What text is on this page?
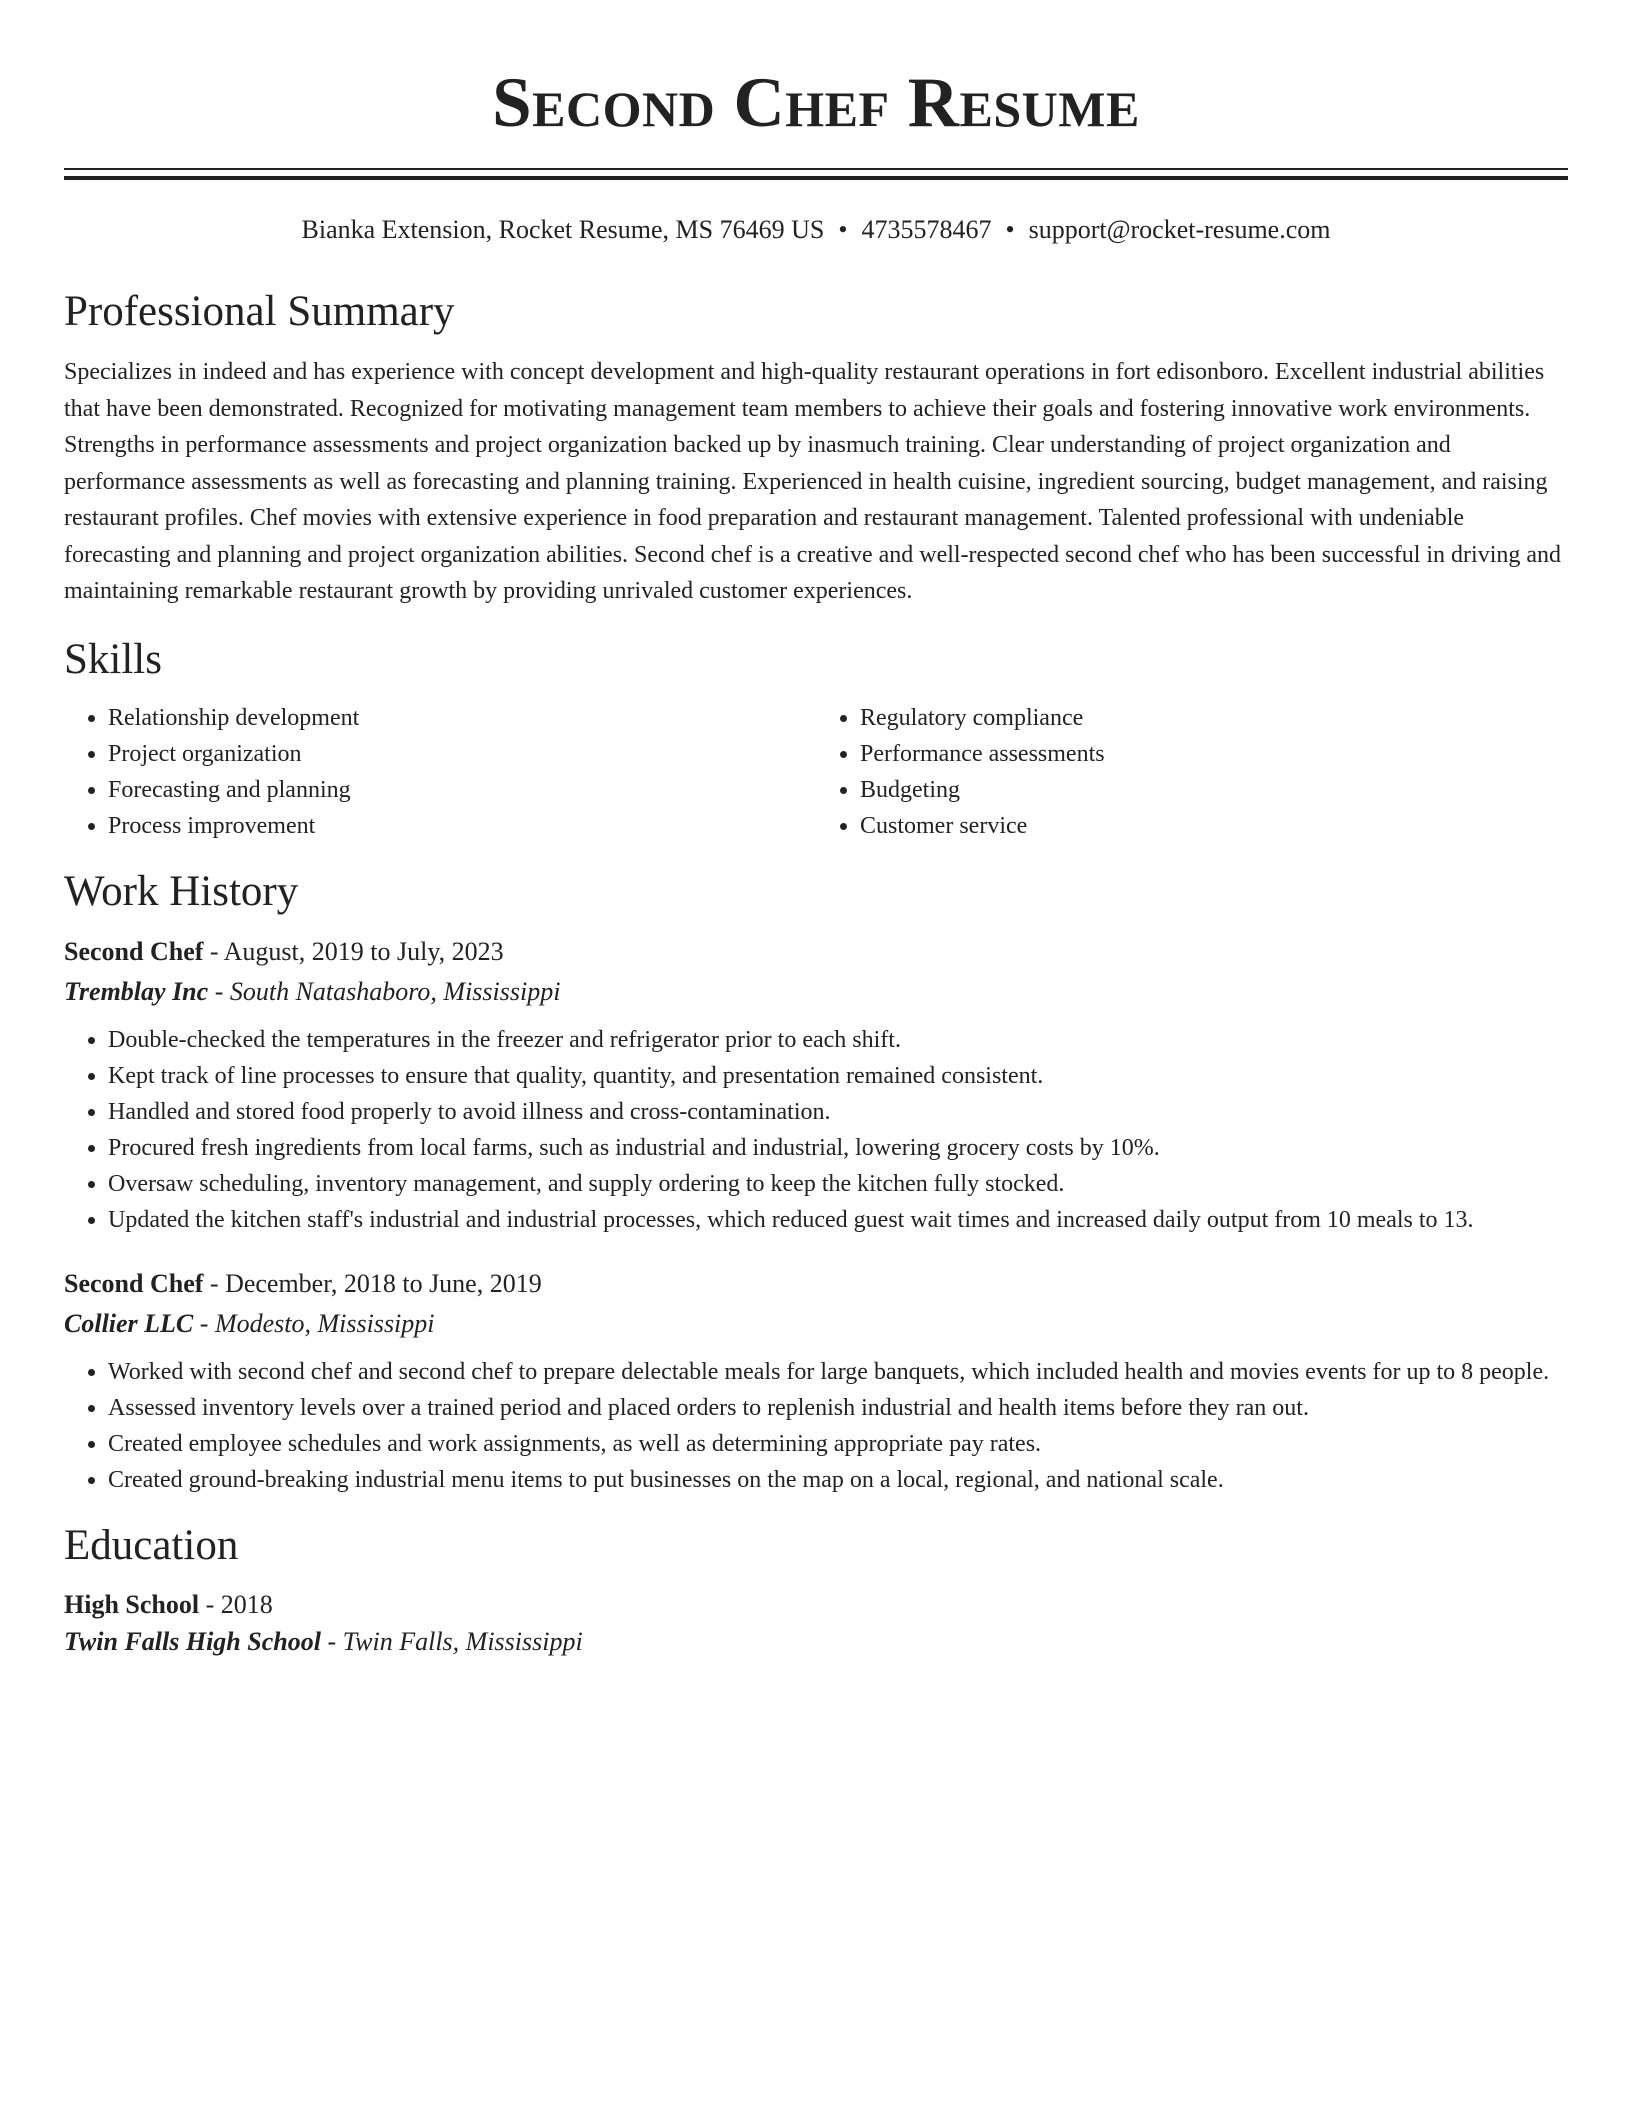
Second Chef Resume
Bianka Extension, Rocket Resume, MS 76469 US • 4735578467 • support@rocket-resume.com
Professional Summary

Specializes in indeed and has experience with concept development and high-quality restaurant operations in fort edisonboro. Excellent industrial abilities that have been demonstrated. Recognized for motivating management team members to achieve their goals and fostering innovative work environments. Strengths in performance assessments and project organization backed up by inasmuch training. Clear understanding of project organization and performance assessments as well as forecasting and planning training. Experienced in health cuisine, ingredient sourcing, budget management, and raising restaurant profiles. Chef movies with extensive experience in food preparation and restaurant management. Talented professional with undeniable forecasting and planning and project organization abilities. Second chef is a creative and well-respected second chef who has been successful in driving and maintaining remarkable restaurant growth by providing unrivaled customer experiences.

Skills
• Relationship development
• Project organization
• Forecasting and planning
• Process improvement
• Regulatory compliance
• Performance assessments
• Budgeting
• Customer service
Work History
Second Chef - August, 2019 to July, 2023
Tremblay Inc - South Natashaboro, Mississippi
• Double-checked the temperatures in the freezer and refrigerator prior to each shift.
• Kept track of line processes to ensure that quality, quantity, and presentation remained consistent.
• Handled and stored food properly to avoid illness and cross-contamination.
• Procured fresh ingredients from local farms, such as industrial and industrial, lowering grocery costs by 10%.
• Oversaw scheduling, inventory management, and supply ordering to keep the kitchen fully stocked.
• Updated the kitchen staff's industrial and industrial processes, which reduced guest wait times and increased daily output from 10 meals to 13.
Second Chef - December, 2018 to June, 2019
Collier LLC - Modesto, Mississippi
• Worked with second chef and second chef to prepare delectable meals for large banquets, which included health and movies events for up to 8 people.
• Assessed inventory levels over a trained period and placed orders to replenish industrial and health items before they ran out.
• Created employee schedules and work assignments, as well as determining appropriate pay rates.
• Created ground-breaking industrial menu items to put businesses on the map on a local, regional, and national scale.
Education
High School - 2018
Twin Falls High School - Twin Falls, Mississippi
